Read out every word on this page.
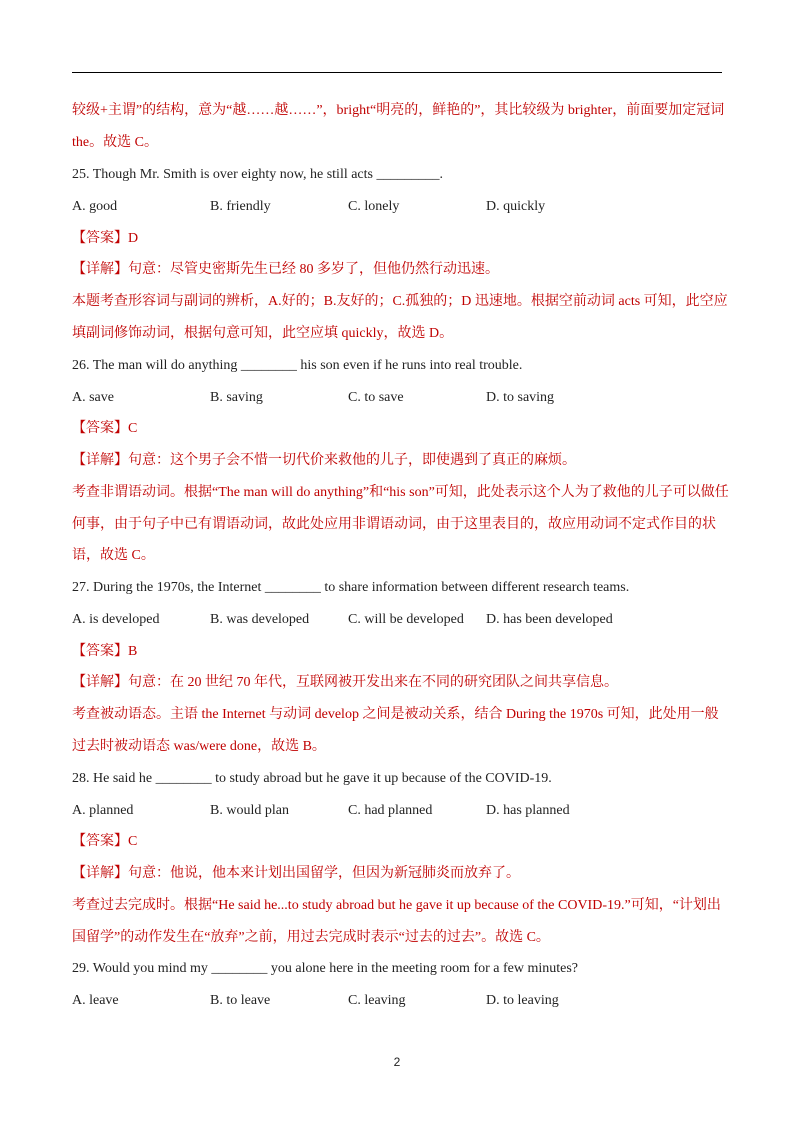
较级+主谓”的结构，意为“越……越……”，bright“明亮的，鲜艳的”，其比较级为 brighter，前面要加定冠词
the。故选 C。
25. Though Mr. Smith is over eighty now, he still acts _________.
A. good	B. friendly	C. lonely	D. quickly
【答案】D
【详解】句意：尽管史密斯先生已经 80 多岁了，但他仍然行动迅速。
本题考查形容词与副词的辨析，A.好的；B.友好的；C.孤独的；D 迅速地。根据空前动词 acts 可知，此空应
填副词修饰动词，根据句意可知，此空应填 quickly，故选 D。
26. The man will do anything ________ his son even if he runs into real trouble.
A. save	B. saving	C. to save	D. to saving
【答案】C
【详解】句意：这个男子会不惜一切代价来救他的儿子，即使遇到了真正的麻烦。
考查非谓语动词。根据“The man will do anything”和“his son”可知，此处表示这个人为了救他的儿子可以做任
何事，由于句子中已有谓语动词，故此处应用非谓语动词，由于这里表目的，故应用动词不定式作目的状
语，故选 C。
27. During the 1970s, the Internet ________ to share information between different research teams.
A. is developed	B. was developed	C. will be developed	D. has been developed
【答案】B
【详解】句意：在 20 世纪 70 年代，互联网被开发出来在不同的研究团队之间共享信息。
考查被动语态。主语 the Internet 与动词 develop 之间是被动关系，结合 During the 1970s 可知，此处用一般
过去时被动语态 was/were done，故选 B。
28. He said he ________ to study abroad but he gave it up because of the COVID-19.
A. planned	B. would plan	C. had planned	D. has planned
【答案】C
【详解】句意：他说，他本来计划出国留学，但因为新冠肺炎而放弃了。
考查过去完成时。根据“He said he...to study abroad but he gave it up because of the COVID-19.”可知，“计划出
国留学”的动作发生在“放弃”之前，用过去完成时表示“过去的过去”。故选 C。
29. Would you mind my ________ you alone here in the meeting room for a few minutes?
A. leave	B. to leave	C. leaving	D. to leaving
2
